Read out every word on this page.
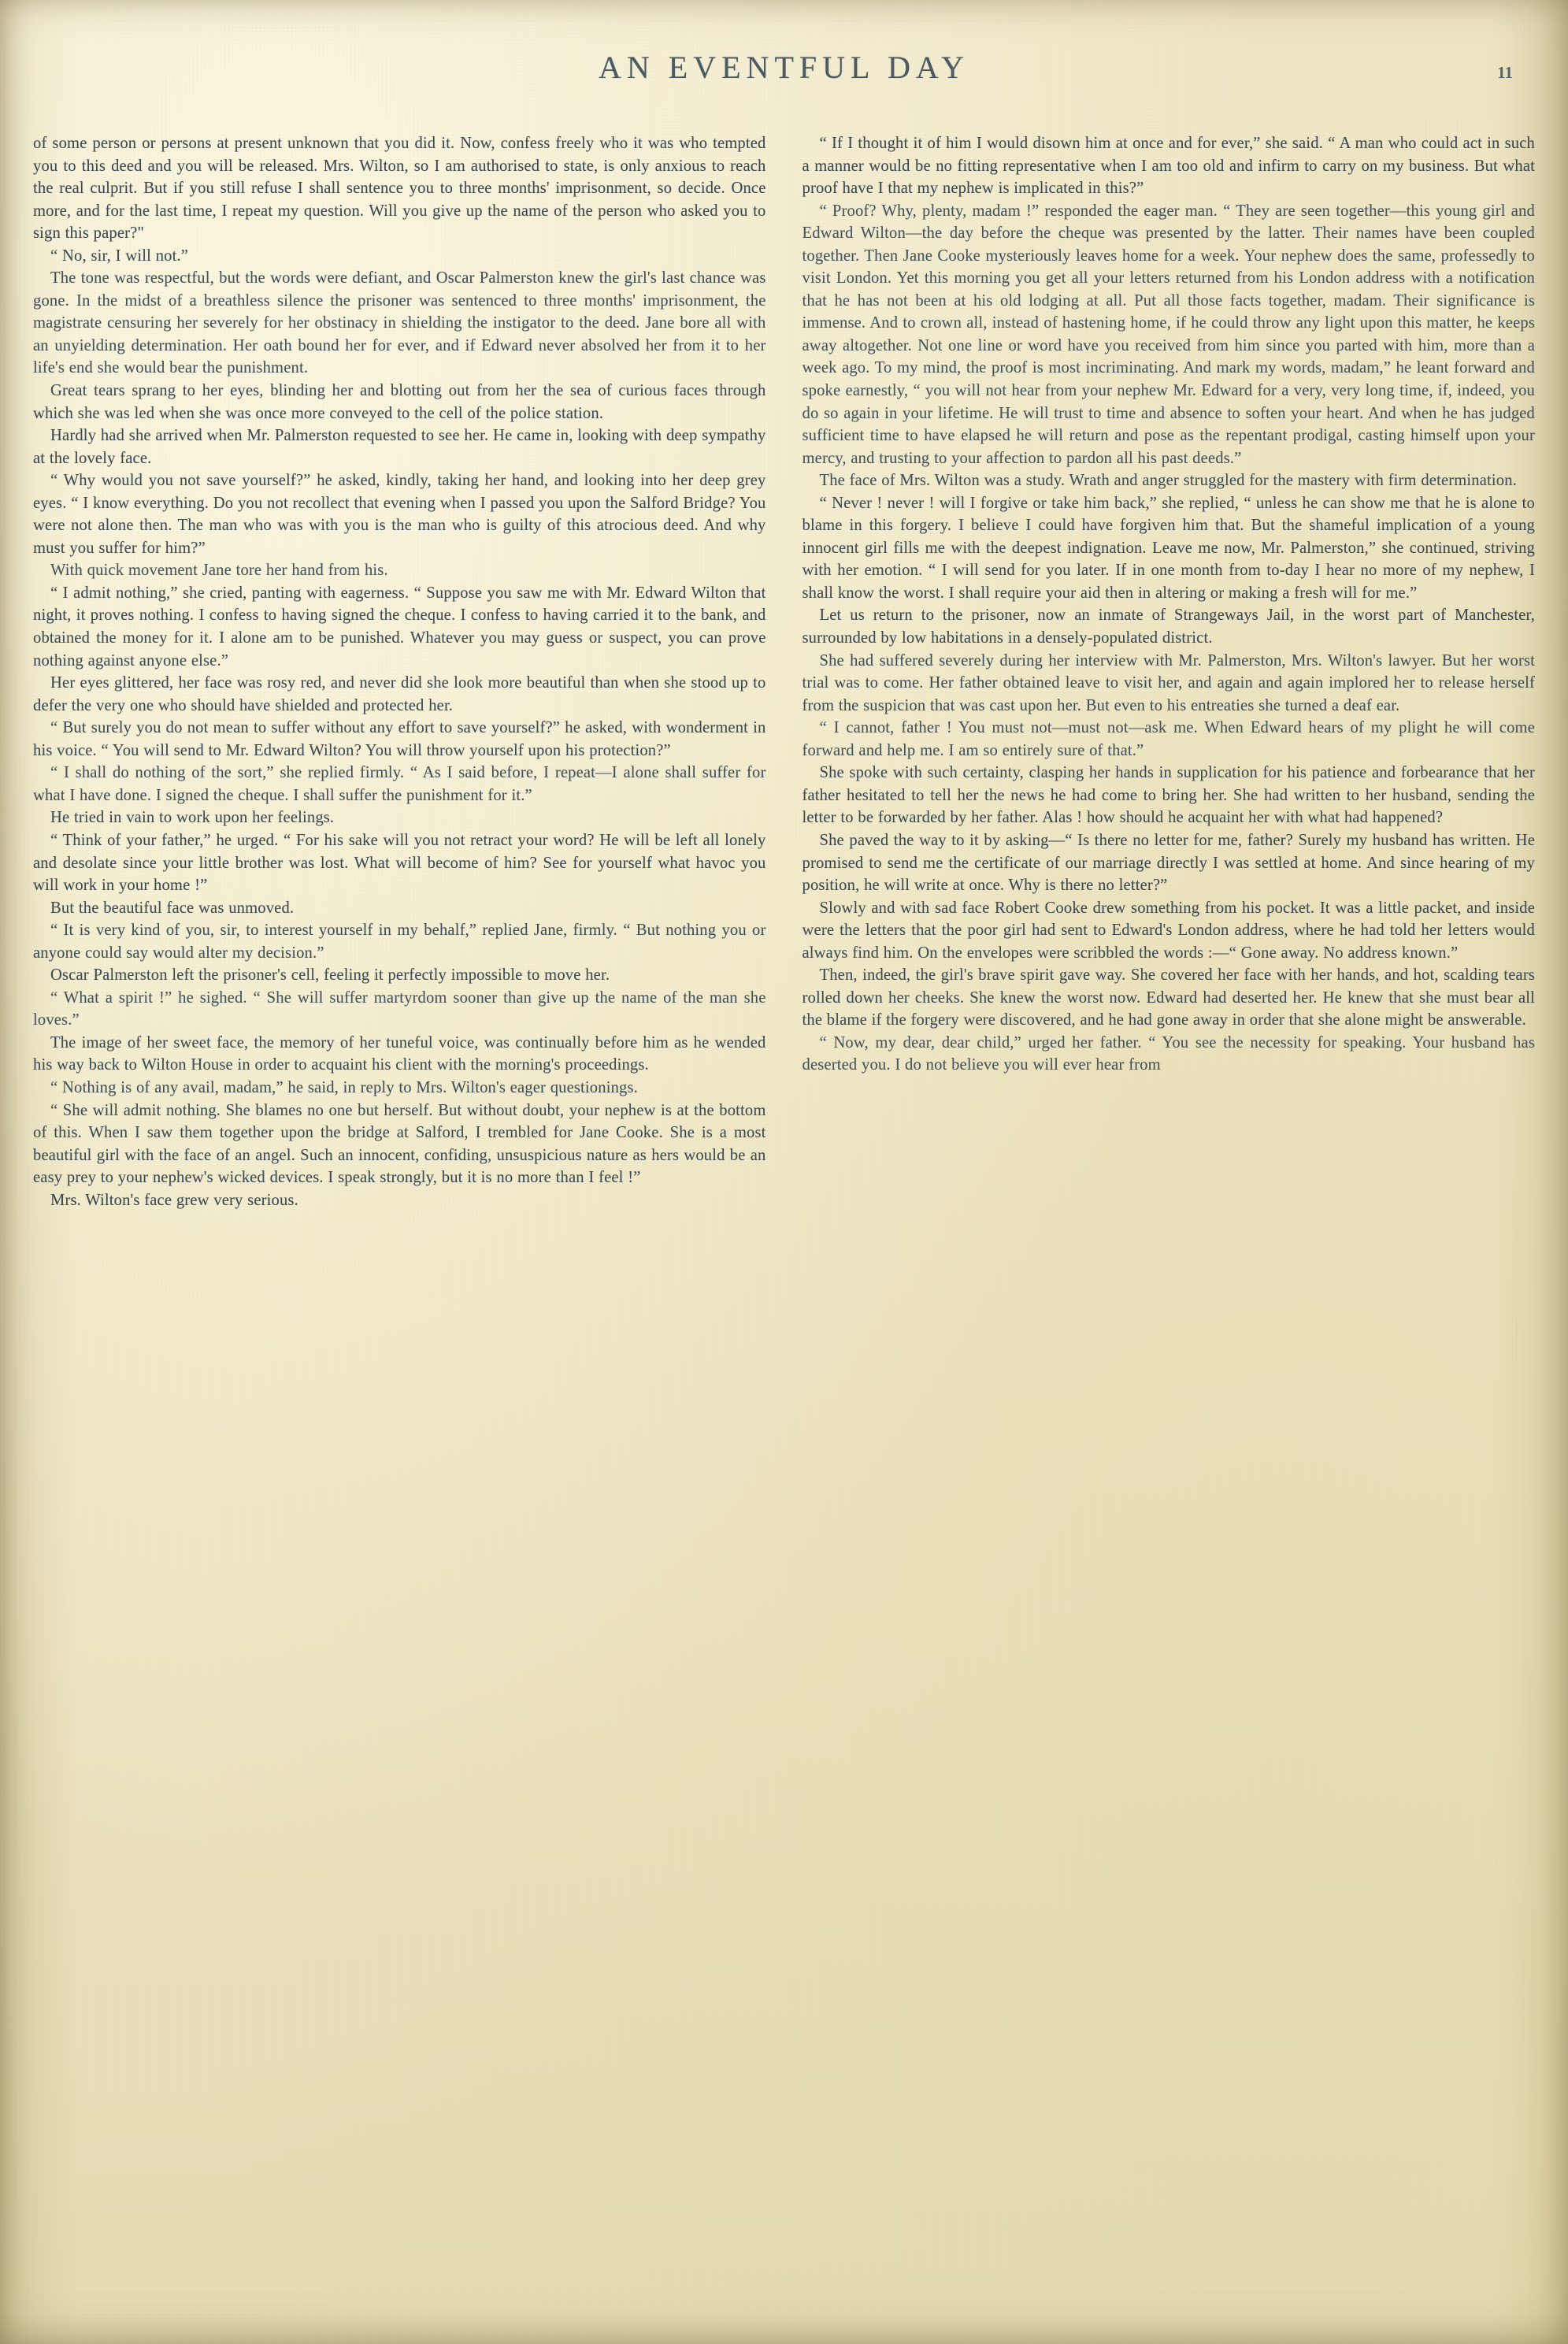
AN EVENTFUL DAY	11

of some person or persons at present unknown that you did it. Now, confess freely who it was who tempted you to this deed and you will be released. Mrs. Wilton, so I am authorised to state, is only anxious to reach the real culprit. But if you still refuse I shall sentence you to three months' imprisonment, so decide. Once more, and for the last time, I repeat my question. Will you give up the name of the person who asked you to sign this paper?"

“ No, sir, I will not.”

The tone was respectful, but the words were defiant, and Oscar Palmerston knew the girl's last chance was gone. In the midst of a breathless silence the prisoner was sentenced to three months' imprisonment, the magistrate censuring her severely for her obstinacy in shielding the instigator to the deed. Jane bore all with an unyielding determination. Her oath bound her for ever, and if Edward never absolved her from it to her life's end she would bear the punishment.

Great tears sprang to her eyes, blinding her and blotting out from her the sea of curious faces through which she was led when she was once more conveyed to the cell of the police station.

Hardly had she arrived when Mr. Palmerston requested to see her. He came in, looking with deep sympathy at the lovely face.

“ Why would you not save yourself?” he asked, kindly, taking her hand, and looking into her deep grey eyes. “ I know everything. Do you not recollect that evening when I passed you upon the Salford Bridge? You were not alone then. The man who was with you is the man who is guilty of this atrocious deed. And why must you suffer for him?”

With quick movement Jane tore her hand from his.

“ I admit nothing,” she cried, panting with eagerness. “ Suppose you saw me with Mr. Edward Wilton that night, it proves nothing. I confess to having signed the cheque. I confess to having carried it to the bank, and obtained the money for it. I alone am to be punished. Whatever you may guess or suspect, you can prove nothing against anyone else.”

Her eyes glittered, her face was rosy red, and never did she look more beautiful than when she stood up to defer the very one who should have shielded and protected her.

“ But surely you do not mean to suffer without any effort to save yourself?” he asked, with wonderment in his voice. “ You will send to Mr. Edward Wilton? You will throw yourself upon his protection?”

“ I shall do nothing of the sort,” she replied firmly. “ As I said before, I repeat—I alone shall suffer for what I have done. I signed the cheque. I shall suffer the punishment for it.”

He tried in vain to work upon her feelings.

“ Think of your father,” he urged. “ For his sake will you not retract your word? He will be left all lonely and desolate since your little brother was lost. What will become of him? See for yourself what havoc you will work in your home !”

But the beautiful face was unmoved.

“ It is very kind of you, sir, to interest yourself in my behalf,” replied Jane, firmly. “ But nothing you or anyone could say would alter my decision.”

Oscar Palmerston left the prisoner's cell, feeling it perfectly impossible to move her.

“ What a spirit !” he sighed. “ She will suffer martyrdom sooner than give up the name of the man she loves.”

The image of her sweet face, the memory of her tuneful voice, was continually before him as he wended his way back to Wilton House in order to acquaint his client with the morning's proceedings.

“ Nothing is of any avail, madam,” he said, in reply to Mrs. Wilton's eager questionings.

“ She will admit nothing. She blames no one but herself. But without doubt, your nephew is at the bottom of this. When I saw them together upon the bridge at Salford, I trembled for Jane Cooke. She is a most beautiful girl with the face of an angel. Such an innocent, confiding, unsuspicious nature as hers would be an easy prey to your nephew's wicked devices. I speak strongly, but it is no more than I feel !”

Mrs. Wilton's face grew very serious.

“ If I thought it of him I would disown him at once and for ever,” she said. “ A man who could act in such a manner would be no fitting representative when I am too old and infirm to carry on my business. But what proof have I that my nephew is implicated in this?”

“ Proof? Why, plenty, madam !” responded the eager man. “ They are seen together—this young girl and Edward Wilton—the day before the cheque was presented by the latter. Their names have been coupled together. Then Jane Cooke mysteriously leaves home for a week. Your nephew does the same, professedly to visit London. Yet this morning you get all your letters returned from his London address with a notification that he has not been at his old lodging at all. Put all those facts together, madam. Their significance is immense. And to crown all, instead of hastening home, if he could throw any light upon this matter, he keeps away altogether. Not one line or word have you received from him since you parted with him, more than a week ago. To my mind, the proof is most incriminating. And mark my words, madam,” he leant forward and spoke earnestly, “ you will not hear from your nephew Mr. Edward for a very, very long time, if, indeed, you do so again in your lifetime. He will trust to time and absence to soften your heart. And when he has judged sufficient time to have elapsed he will return and pose as the repentant prodigal, casting himself upon your mercy, and trusting to your affection to pardon all his past deeds.”

The face of Mrs. Wilton was a study. Wrath and anger struggled for the mastery with firm determination.

“ Never ! never ! will I forgive or take him back,” she replied, “ unless he can show me that he is alone to blame in this forgery. I believe I could have forgiven him that. But the shameful implication of a young innocent girl fills me with the deepest indignation. Leave me now, Mr. Palmerston,” she continued, striving with her emotion. “ I will send for you later. If in one month from to-day I hear no more of my nephew, I shall know the worst. I shall require your aid then in altering or making a fresh will for me.”

Let us return to the prisoner, now an inmate of Strangeways Jail, in the worst part of Manchester, surrounded by low habitations in a densely-populated district.

She had suffered severely during her interview with Mr. Palmerston, Mrs. Wilton's lawyer. But her worst trial was to come. Her father obtained leave to visit her, and again and again implored her to release herself from the suspicion that was cast upon her. But even to his entreaties she turned a deaf ear.

“ I cannot, father ! You must not—must not—ask me. When Edward hears of my plight he will come forward and help me. I am so entirely sure of that.”

She spoke with such certainty, clasping her hands in supplication for his patience and forbearance that her father hesitated to tell her the news he had come to bring her. She had written to her husband, sending the letter to be forwarded by her father. Alas ! how should he acquaint her with what had happened?

She paved the way to it by asking—“ Is there no letter for me, father? Surely my husband has written. He promised to send me the certificate of our marriage directly I was settled at home. And since hearing of my position, he will write at once. Why is there no letter?”

Slowly and with sad face Robert Cooke drew something from his pocket. It was a little packet, and inside were the letters that the poor girl had sent to Edward's London address, where he had told her letters would always find him. On the envelopes were scribbled the words :—“ Gone away. No address known.”

Then, indeed, the girl's brave spirit gave way. She covered her face with her hands, and hot, scalding tears rolled down her cheeks. She knew the worst now. Edward had deserted her. He knew that she must bear all the blame if the forgery were discovered, and he had gone away in order that she alone might be answerable.

“ Now, my dear, dear child,” urged her father. “ You see the necessity for speaking. Your husband has deserted you. I do not believe you will ever hear from
